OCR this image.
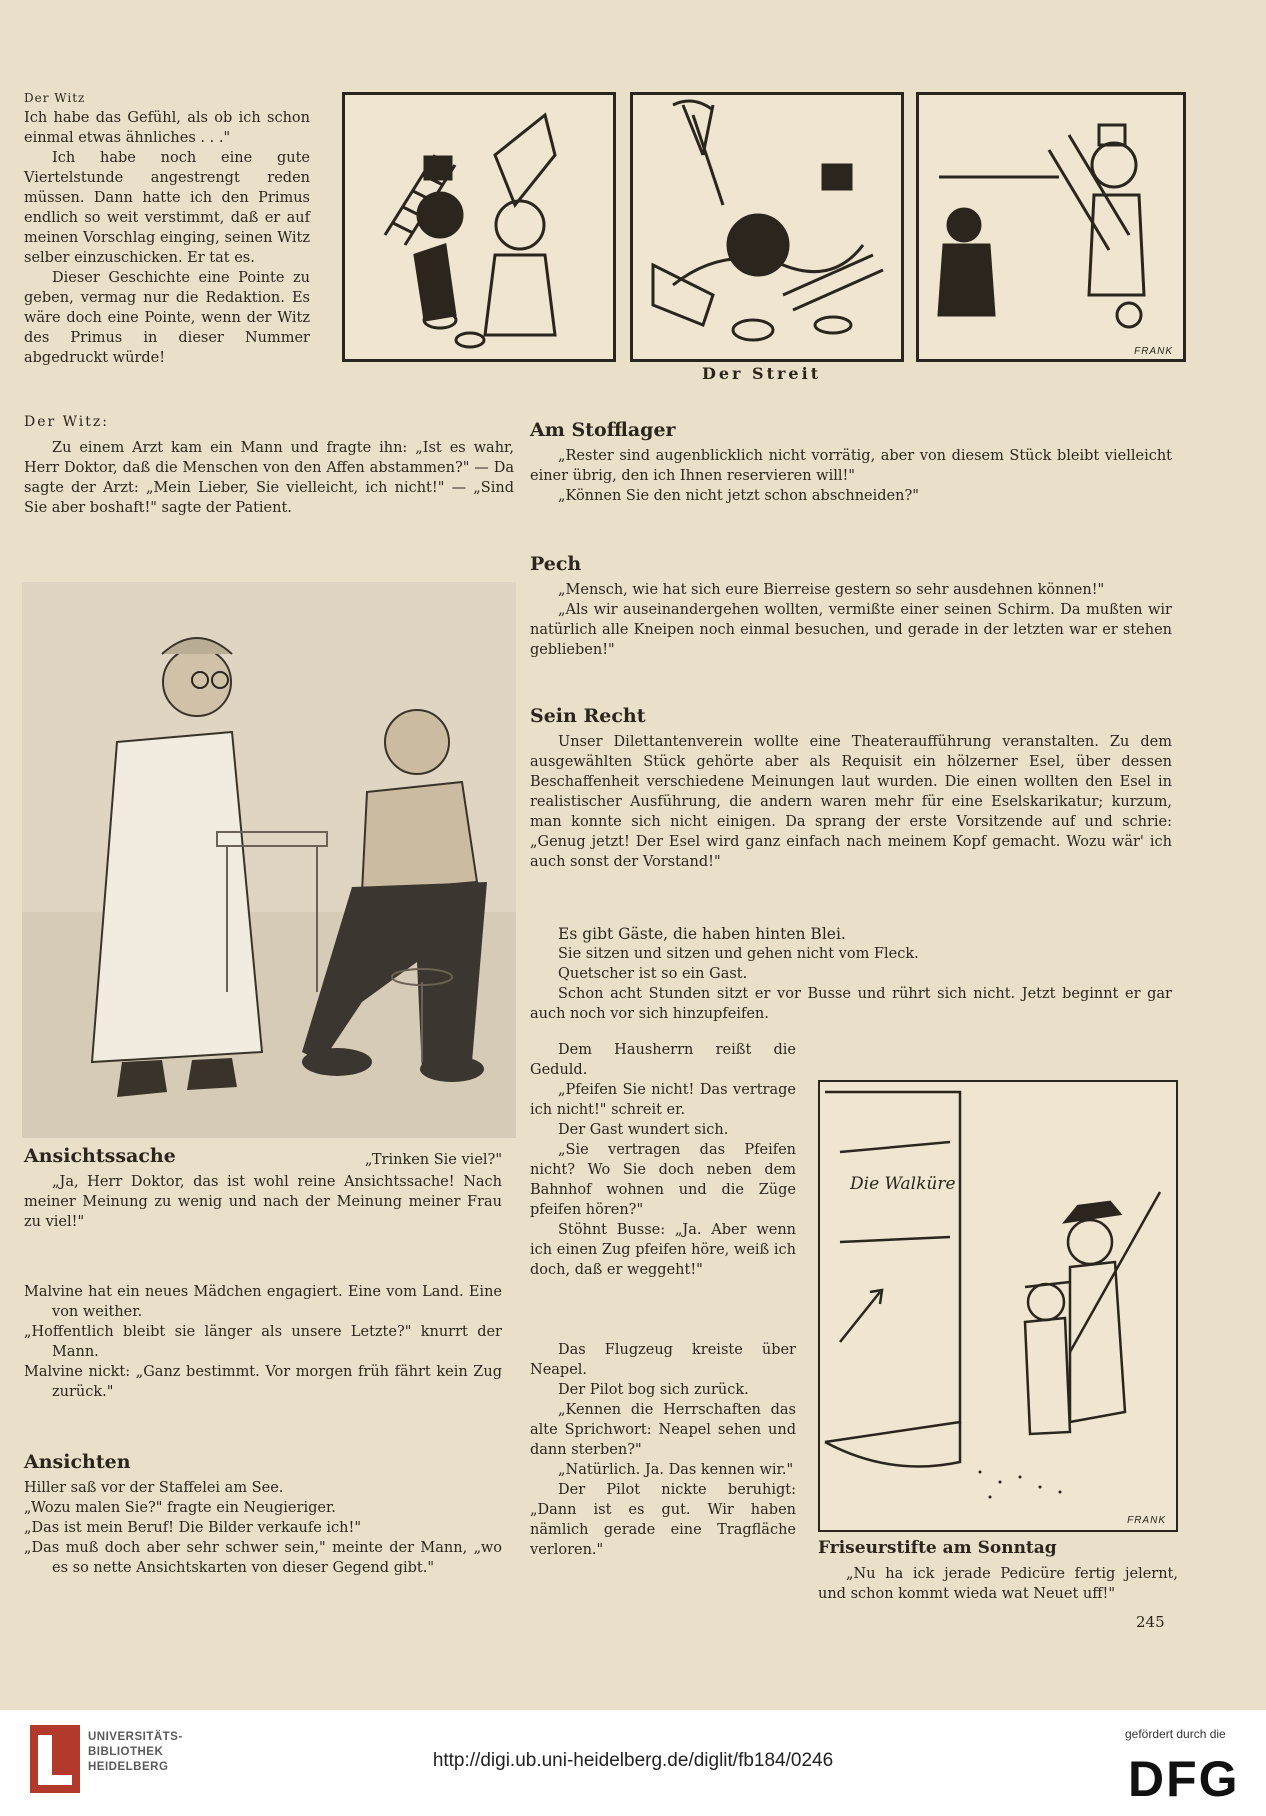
Der Witz

Ich habe das Gefühl, als ob ich schon einmal etwas ähnliches . . ."

Ich habe noch eine gute Viertelstunde angestrengt reden müssen. Dann hatte ich den Primus endlich so weit verstimmt, daß er auf meinen Vorschlag einging, seinen Witz selber einzuschicken. Er tat es.

Dieser Geschichte eine Pointe zu geben, vermag nur die Redaktion. Es wäre doch eine Pointe, wenn der Witz des Primus in dieser Nummer abgedruckt würde!	FRANK
Der Streit
Der Witz:

Zu einem Arzt kam ein Mann und fragte ihn: „Ist es wahr, Herr Doktor, daß die Menschen von den Affen abstammen?" — Da sagte der Arzt: „Mein Lieber, Sie vielleicht, ich nicht!" — „Sind Sie aber boshaft!" sagte der Patient.

Am Stofflager

„Rester sind augenblicklich nicht vorrätig, aber von diesem Stück bleibt vielleicht einer übrig, den ich Ihnen reservieren will!"

„Können Sie den nicht jetzt schon abschneiden?"

Pech

„Mensch, wie hat sich eure Bierreise gestern so sehr ausdehnen können!"

„Als wir auseinandergehen wollten, vermißte einer seinen Schirm. Da mußten wir natürlich alle Kneipen noch einmal besuchen, und gerade in der letzten war er stehen geblieben!"

Sein Recht

Unser Dilettantenverein wollte eine Theateraufführung veranstalten. Zu dem ausgewählten Stück gehörte aber als Requisit ein hölzerner Esel, über dessen Beschaffenheit verschiedene Meinungen laut wurden. Die einen wollten den Esel in realistischer Ausführung, die andern waren mehr für eine Eselskarikatur; kurzum, man konnte sich nicht einigen. Da sprang der erste Vorsitzende auf und schrie: „Genug jetzt! Der Esel wird ganz einfach nach meinem Kopf gemacht. Wozu wär' ich auch sonst der Vorstand!"

Ansichtssache	„Trinken Sie viel?"

„Ja, Herr Doktor, das ist wohl reine Ansichtssache! Nach meiner Meinung zu wenig und nach der Meinung meiner Frau zu viel!"

Malvine hat ein neues Mädchen engagiert. Eine vom Land. Eine von weither.

„Hoffentlich bleibt sie länger als unsere Letzte?" knurrt der Mann.

Malvine nickt: „Ganz bestimmt. Vor morgen früh fährt kein Zug zurück."

Ansichten

Hiller saß vor der Staffelei am See.

„Wozu malen Sie?" fragte ein Neugieriger.

„Das ist mein Beruf! Die Bilder verkaufe ich!"

„Das muß doch aber sehr schwer sein," meinte der Mann, „wo es so nette Ansichtskarten von dieser Gegend gibt."

Es gibt Gäste, die haben hinten Blei.

Sie sitzen und sitzen und gehen nicht vom Fleck.

Quetscher ist so ein Gast.

Schon acht Stunden sitzt er vor Busse und rührt sich nicht. Jetzt beginnt er gar auch noch vor sich hinzupfeifen.

Dem Hausherrn reißt die Geduld.

„Pfeifen Sie nicht! Das vertrage ich nicht!" schreit er.

Der Gast wundert sich.

„Sie vertragen das Pfeifen nicht? Wo Sie doch neben dem Bahnhof wohnen und die Züge pfeifen hören?"

Stöhnt Busse: „Ja. Aber wenn ich einen Zug pfeifen höre, weiß ich doch, daß er weggeht!"

Das Flugzeug kreiste über Neapel.

Der Pilot bog sich zurück.

„Kennen die Herrschaften das alte Sprichwort: Neapel sehen und dann sterben?"

„Natürlich. Ja. Das kennen wir."

Der Pilot nickte beruhigt: „Dann ist es gut. Wir haben nämlich gerade eine Tragfläche verloren."

Die Walküre
FRANK
Friseurstifte am Sonntag

„Nu ha ick jerade Pedicüre fertig jelernt, und schon kommt wieda wat Neuet uff!"

245
UNIVERSITÄTS-
BIBLIOTHEK
HEIDELBERG	http://digi.ub.uni-heidelberg.de/diglit/fb184/0246
gefördert durch die
DFG
